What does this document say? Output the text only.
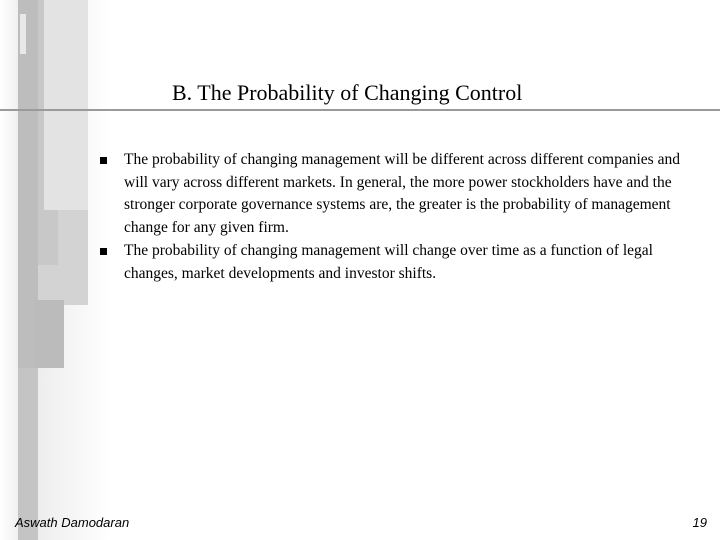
B. The Probability of Changing Control
The probability of changing management will be different across different companies and will vary across different markets. In general, the more power stockholders have and the stronger corporate governance systems are, the greater is the probability of management change for any given firm.
The probability of changing management will change over time as a function of legal changes, market developments and investor shifts.
Aswath Damodaran	19
